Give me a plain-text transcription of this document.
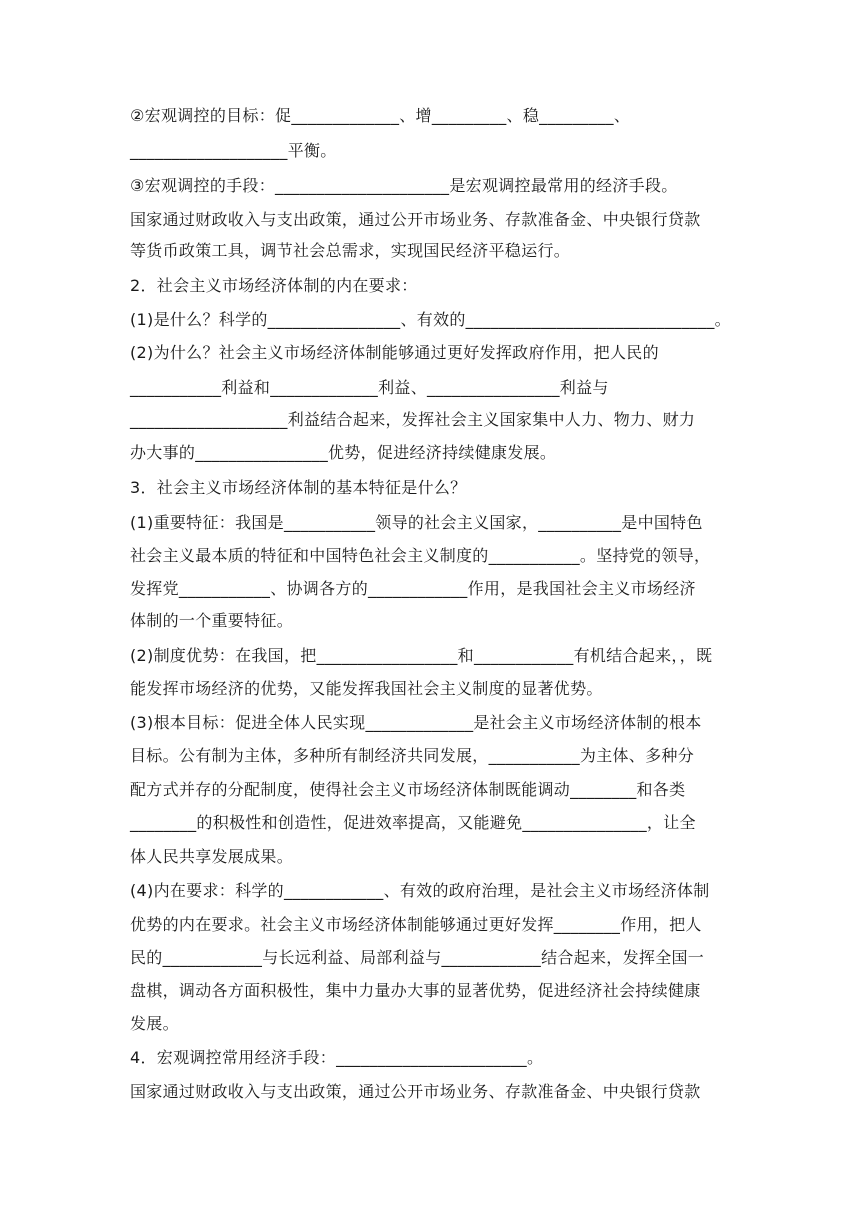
②宏观调控的目标：促_____________、增_________、稳_________、
___________________平衡。
③宏观调控的手段：_____________________是宏观调控最常用的经济手段。
国家通过财政收入与支出政策，通过公开市场业务、存款准备金、中央银行贷款
等货币政策工具，调节社会总需求，实现国民经济平稳运行。
2．社会主义市场经济体制的内在要求：
(1)是什么？科学的________________、有效的______________________________。
(2)为什么？社会主义市场经济体制能够通过更好发挥政府作用，把人民的
___________利益和_____________利益、________________利益与
___________________利益结合起来，发挥社会主义国家集中人力、物力、财力
办大事的________________优势，促进经济持续健康发展。
3．社会主义市场经济体制的基本特征是什么？
(1)重要特征：我国是___________领导的社会主义国家，__________是中国特色
社会主义最本质的特征和中国特色社会主义制度的___________。坚持党的领导，
发挥党___________、协调各方的____________作用，是我国社会主义市场经济
体制的一个重要特征。
(2)制度优势：在我国，把_________________和____________有机结合起来，，既
能发挥市场经济的优势，又能发挥我国社会主义制度的显著优势。
(3)根本目标：促进全体人民实现_____________是社会主义市场经济体制的根本
目标。公有制为主体，多种所有制经济共同发展，___________为主体、多种分
配方式并存的分配制度，使得社会主义市场经济体制既能调动________和各类
________的积极性和创造性，促进效率提高，又能避免_______________，让全
体人民共享发展成果。
(4)内在要求：科学的____________、有效的政府治理，是社会主义市场经济体制
优势的内在要求。社会主义市场经济体制能够通过更好发挥________作用，把人
民的____________与长远利益、局部利益与____________结合起来，发挥全国一
盘棋，调动各方面积极性，集中力量办大事的显著优势，促进经济社会持续健康
发展。
4．宏观调控常用经济手段：_______________________。
国家通过财政收入与支出政策，通过公开市场业务、存款准备金、中央银行贷款
